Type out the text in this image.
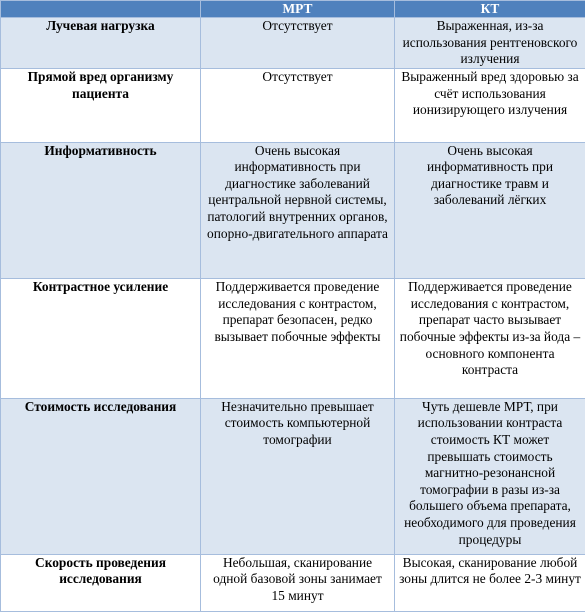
	МРТ	КТ
Лучевая нагрузка	Отсутствует	Выраженная, из-за использования рентгеновского излучения
Прямой вред организму пациента	Отсутствует	Выраженный вред здоровью за счёт использования ионизирующего излучения
Информативность	Очень высокая информативность при диагностике заболеваний центральной нервной системы, патологий внутренних органов, опорно-двигательного аппарата	Очень высокая информативность при диагностике травм и заболеваний лёгких
Контрастное усиление	Поддерживается проведение исследования с контрастом, препарат безопасен, редко вызывает побочные эффекты	Поддерживается проведение исследования с контрастом, препарат часто вызывает побочные эффекты из-за йода – основного компонента контраста
Стоимость исследования	Незначительно превышает стоимость компьютерной томографии	Чуть дешевле МРТ, при использовании контраста стоимость КТ может превышать стоимость магнитно-резонансной томографии в разы из-за большего объема препарата, необходимого для проведения процедуры
Скорость проведения исследования	Небольшая, сканирование одной базовой зоны занимает 15 минут	Высокая, сканирование любой зоны длится не более 2-3 минут
